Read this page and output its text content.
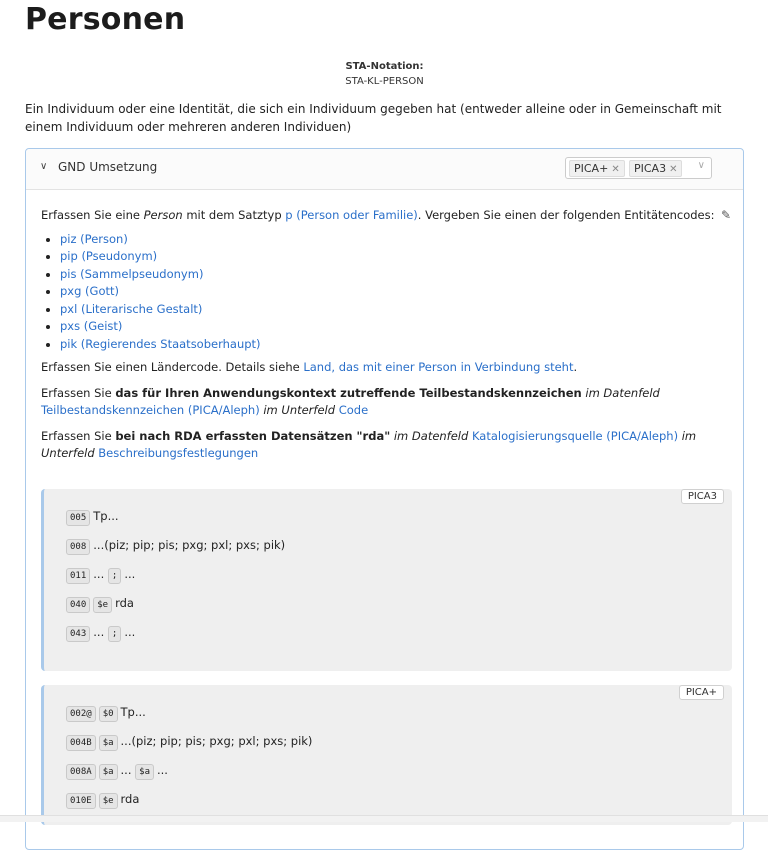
Personen
STA-Notation:
STA-KL-PERSON
Ein Individuum oder eine Identität, die sich ein Individuum gegeben hat (entweder alleine oder in Gemeinschaft mit einem Individuum oder mehreren anderen Individuen)
∨ GND Umsetzung	PICA+ ✕	PICA3 ✕	∨
✎

Erfassen Sie eine Person mit dem Satztyp p (Person oder Familie). Vergeben Sie einen der folgenden Entitätencodes:

• piz (Person)
• pip (Pseudonym)
• pis (Sammelpseudonym)
• pxg (Gott)
• pxl (Literarische Gestalt)
• pxs (Geist)
• pik (Regierendes Staatsoberhaupt)

Erfassen Sie einen Ländercode. Details siehe Land, das mit einer Person in Verbindung steht.

Erfassen Sie das für Ihren Anwendungskontext zutreffende Teilbestandskennzeichen im Datenfeld Teilbestandskennzeichen (PICA/Aleph) im Unterfeld Code

Erfassen Sie bei nach RDA erfassten Datensätzen "rda" im Datenfeld Katalogisierungsquelle (PICA/Aleph) im Unterfeld Beschreibungsfestlegungen

PICA3
005 Tp...
008 ...(piz; pip; pis; pxg; pxl; pxs; pik)
011 ... ; ...
040 $e rda
043 ... ; ...
PICA+
002@ $0 Tp...
004B $a ...(piz; pip; pis; pxg; pxl; pxs; pik)
008A $a ... $a ...
010E $e rda
